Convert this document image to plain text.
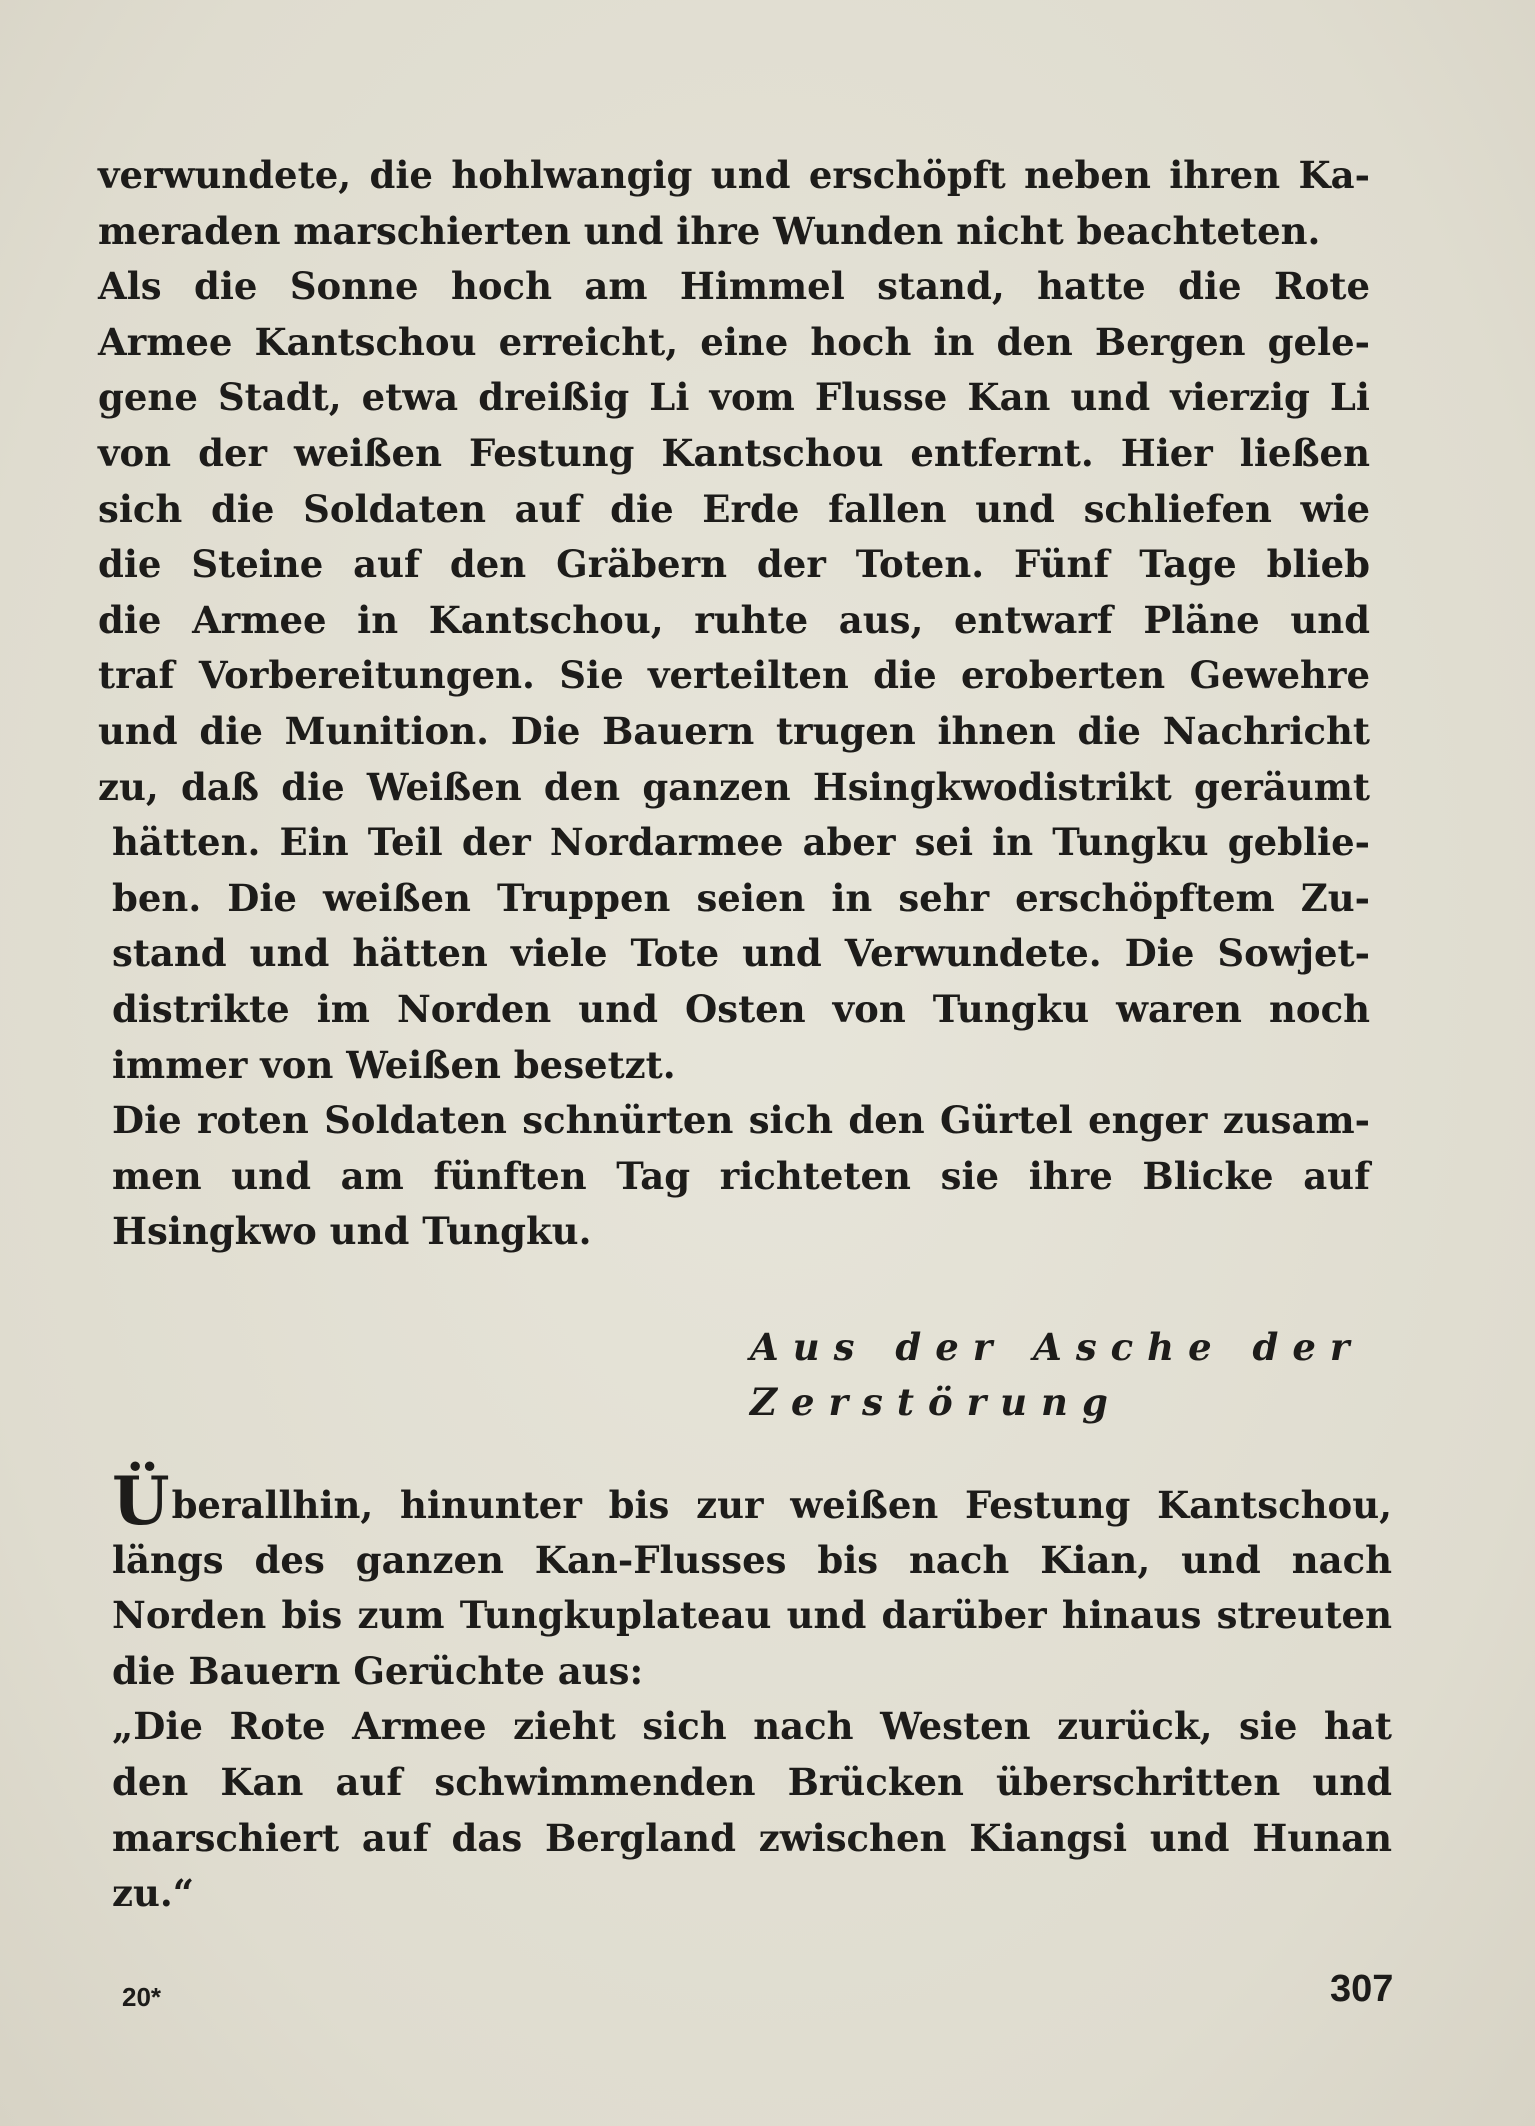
verwundete, die hohlwangig und erschöpft neben ihren Ka-
meraden marschierten und ihre Wunden nicht beachteten.
Als die Sonne hoch am Himmel stand, hatte die Rote
Armee Kantschou erreicht, eine hoch in den Bergen gele-
gene Stadt, etwa dreißig Li vom Flusse Kan und vierzig Li
von der weißen Festung Kantschou entfernt. Hier ließen
sich die Soldaten auf die Erde fallen und schliefen wie
die Steine auf den Gräbern der Toten. Fünf Tage blieb
die Armee in Kantschou, ruhte aus, entwarf Pläne und
traf Vorbereitungen. Sie verteilten die eroberten Gewehre
und die Munition. Die Bauern trugen ihnen die Nachricht
zu, daß die Weißen den ganzen Hsingkwodistrikt geräumt
hätten. Ein Teil der Nordarmee aber sei in Tungku geblie-
ben. Die weißen Truppen seien in sehr erschöpftem Zu-
stand und hätten viele Tote und Verwundete. Die Sowjet-
distrikte im Norden und Osten von Tungku waren noch
immer von Weißen besetzt.
Die roten Soldaten schnürten sich den Gürtel enger zusam-
men und am fünften Tag richteten sie ihre Blicke auf
Hsingkwo und Tungku.
Aus der Asche der
Zerstörung
Überallhin, hinunter bis zur weißen Festung Kantschou,
längs des ganzen Kan-Flusses bis nach Kian, und nach
Norden bis zum Tungkuplateau und darüber hinaus streuten
die Bauern Gerüchte aus:
„Die Rote Armee zieht sich nach Westen zurück, sie hat
den Kan auf schwimmenden Brücken überschritten und
marschiert auf das Bergland zwischen Kiangsi und Hunan
zu.“
20*	307
